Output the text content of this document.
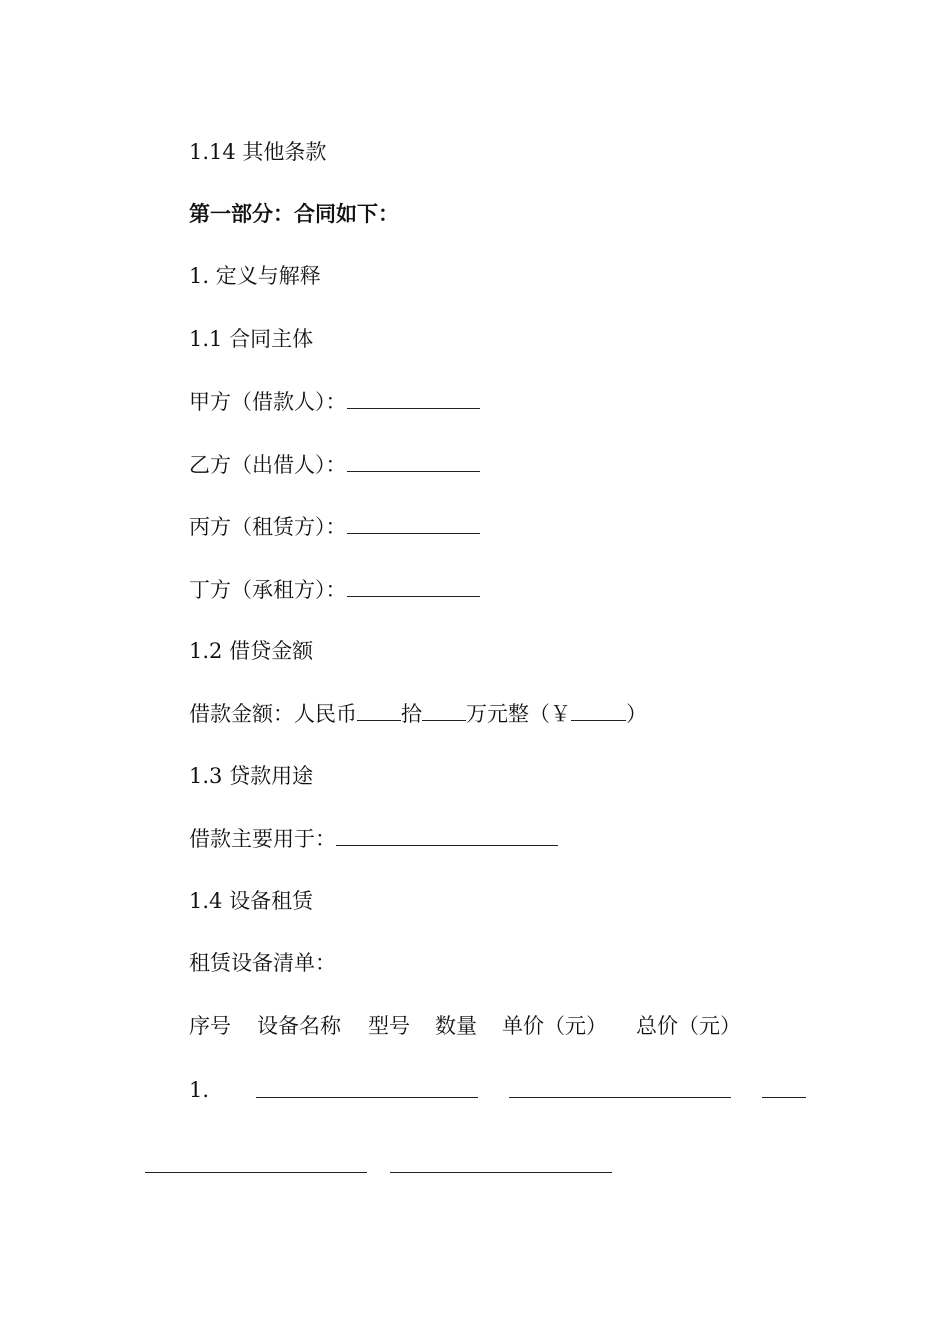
1.14 其他条款
第一部分：合同如下：
1. 定义与解释
1.1 合同主体
甲方（借款人）：
乙方（出借人）：
丙方（租赁方）：
丁方（承租方）：
1.2 借贷金额
借款金额：人民币 拾 万元整（￥	）
1.3 贷款用途
借款主要用于：
1.4 设备租赁
租赁设备清单：
序号 设备名称 型号 数量 单价（元） 总价（元）
1.
